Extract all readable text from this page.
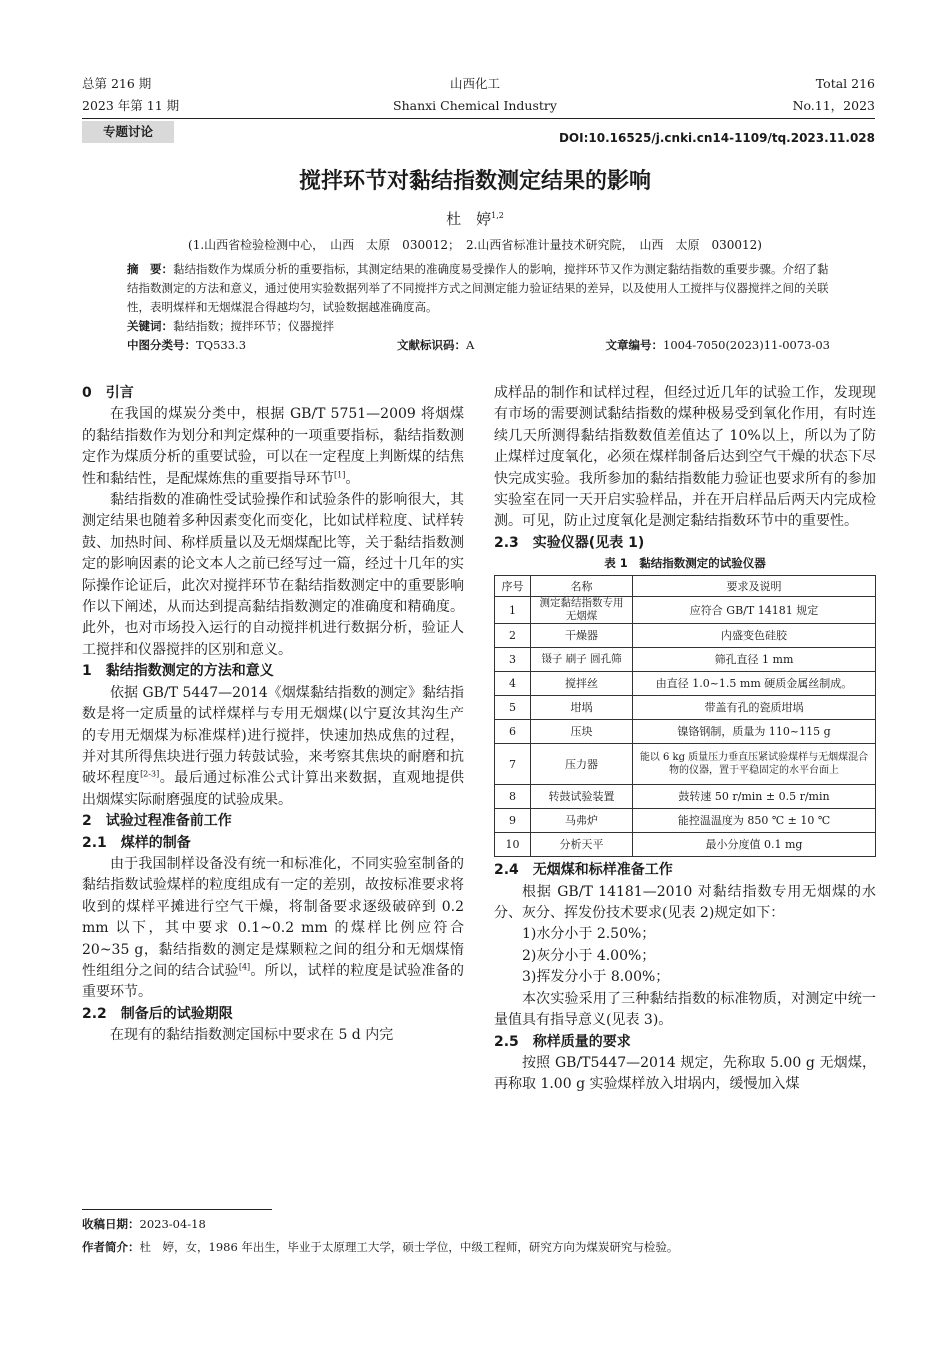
总第 216 期
2023 年第 11 期
山西化工
Shanxi Chemical Industry
Total 216
No.11，2023
专题讨论	DOI:10.16525/j.cnki.cn14-1109/tq.2023.11.028
搅拌环节对黏结指数测定结果的影响
杜　婷$^{1,2}$
(1.山西省检验检测中心，　山西　太原　030012；　2.山西省标准计量技术研究院，　山西　太原　030012)
摘　要：黏结指数作为煤质分析的重要指标，其测定结果的准确度易受操作人的影响，搅拌环节又作为测定黏结指数的重要步骤。介绍了黏结指数测定的方法和意义，通过使用实验数据列举了不同搅拌方式之间测定能力验证结果的差异，以及使用人工搅拌与仪器搅拌之间的关联性，表明煤样和无烟煤混合得越均匀，试验数据越准确度高。
关键词：黏结指数；搅拌环节；仪器搅拌
中图分类号：TQ533.3	文献标识码：A	文章编号：1004-7050(2023)11-0073-03
0　引言

在我国的煤炭分类中，根据 GB/T 5751—2009 将烟煤的黏结指数作为划分和判定煤种的一项重要指标，黏结指数测定作为煤质分析的重要试验，可以在一定程度上判断煤的结焦性和黏结性，是配煤炼焦的重要指导环节[1]。

黏结指数的准确性受试验操作和试验条件的影响很大，其测定结果也随着多种因素变化而变化，比如试样粒度、试样转鼓、加热时间、称样质量以及无烟煤配比等，关于黏结指数测定的影响因素的论文本人之前已经写过一篇，经过十几年的实际操作论证后，此次对搅拌环节在黏结指数测定中的重要影响作以下阐述，从而达到提高黏结指数测定的准确度和精确度。此外，也对市场投入运行的自动搅拌机进行数据分析，验证人工搅拌和仪器搅拌的区别和意义。

1　黏结指数测定的方法和意义

依据 GB/T 5447—2014《烟煤黏结指数的测定》黏结指数是将一定质量的试样煤样与专用无烟煤(以宁夏汝其沟生产的专用无烟煤为标准煤样)进行搅拌，快速加热成焦的过程，并对其所得焦块进行强力转鼓试验，来考察其焦块的耐磨和抗破坏程度[2-3]。最后通过标准公式计算出来数据，直观地提供出烟煤实际耐磨强度的试验成果。

2　试验过程准备前工作
2.1　煤样的制备

由于我国制样设备没有统一和标准化，不同实验室制备的黏结指数试验煤样的粒度组成有一定的差别，故按标准要求将收到的煤样平摊进行空气干燥，将制备要求逐级破碎到 0.2 mm 以下，其中要求 0.1~0.2 mm 的煤样比例应符合 20~35 g，黏结指数的测定是煤颗粒之间的组分和无烟煤惰性组组分之间的结合试验[4]。所以，试样的粒度是试验准备的重要环节。

2.2　制备后的试验期限

在现有的黏结指数测定国标中要求在 5 d 内完

成样品的制作和试样过程，但经过近几年的试验工作，发现现有市场的需要测试黏结指数的煤种极易受到氧化作用，有时连续几天所测得黏结指数数值差值达了 10%以上，所以为了防止煤样过度氧化，必须在煤样制备后达到空气干燥的状态下尽快完成实验。我所参加的黏结指数能力验证也要求所有的参加实验室在同一天开启实验样品，并在开启样品后两天内完成检测。可见，防止过度氧化是测定黏结指数环节中的重要性。

2.3　实验仪器(见表 1)
表 1　黏结指数测定的试验仪器
序号	名称	要求及说明
1	测定黏结指数专用无烟煤	应符合 GB/T 14181 规定
2	干燥器	内盛变色硅胶
3	镊子 刷子 圆孔筛	筛孔直径 1 mm
4	搅拌丝	由直径 1.0~1.5 mm 硬质金属丝制成。
5	坩埚	带盖有孔的瓷质坩埚
6	压块	镍铬钢制，质量为 110~115 g
7	压力器	能以 6 kg 质量压力垂直压紧试验煤样与无烟煤混合物的仪器，置于平稳固定的水平台面上
8	转鼓试验装置	鼓转速 50 r/min ± 0.5 r/min
9	马弗炉	能控温温度为 850 ℃ ± 10 ℃
10	分析天平	最小分度值 0.1 mg
2.4　无烟煤和标样准备工作

根据 GB/T 14181—2010 对黏结指数专用无烟煤的水分、灰分、挥发份技术要求(见表 2)规定如下：

1)水分小于 2.50%；

2)灰分小于 4.00%；

3)挥发分小于 8.00%；

本次实验采用了三种黏结指数的标准物质，对测定中统一量值具有指导意义(见表 3)。

2.5　称样质量的要求

按照 GB/T5447—2014 规定，先称取 5.00 g 无烟煤，再称取 1.00 g 实验煤样放入坩埚内，缓慢加入煤

收稿日期：2023-04-18
作者简介：杜　婷，女，1986 年出生，毕业于太原理工大学，硕士学位，中级工程师，研究方向为煤炭研究与检验。
